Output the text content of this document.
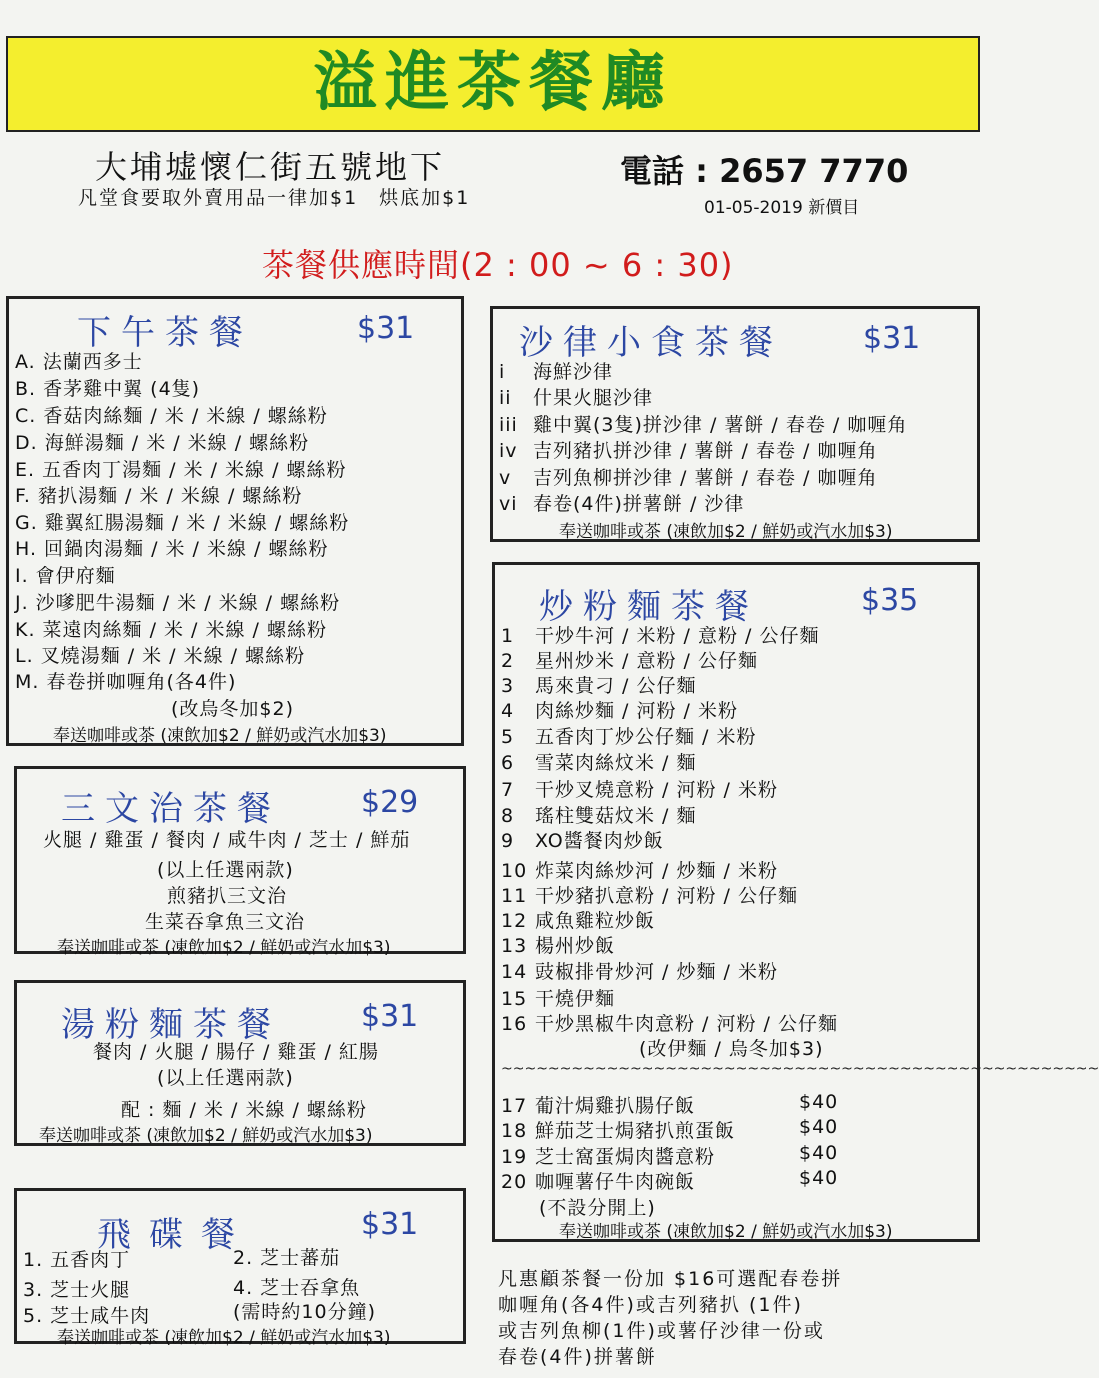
溢進茶餐廳
大埔墟懷仁街五號地下	電話 : 2657 7770
凡堂食要取外賣用品一律加$1　烘底加$1	01-05-2019 新價目
茶餐供應時間(2 : 00 ~ 6 : 30)
下午茶餐	$31
A. 法蘭西多士
B. 香茅雞中翼 (4隻)
C. 香菇肉絲麵 / 米 / 米線 / 螺絲粉
D. 海鮮湯麵 / 米 / 米線 / 螺絲粉
E. 五香肉丁湯麵 / 米 / 米線 / 螺絲粉
F. 豬扒湯麵 / 米 / 米線 / 螺絲粉
G. 雞翼紅腸湯麵 / 米 / 米線 / 螺絲粉
H. 回鍋肉湯麵 / 米 / 米線 / 螺絲粉
I. 會伊府麵
J. 沙嗲肥牛湯麵 / 米 / 米線 / 螺絲粉
K. 菜遠肉絲麵 / 米 / 米線 / 螺絲粉
L. 叉燒湯麵 / 米 / 米線 / 螺絲粉
M. 春卷拼咖喱角(各4件)
(改烏冬加$2)
奉送咖啡或茶 (凍飲加$2 / 鮮奶或汽水加$3)
三文治茶餐	$29
火腿 / 雞蛋 / 餐肉 / 咸牛肉 / 芝士 / 鮮茄
(以上任選兩款)
煎豬扒三文治
生菜吞拿魚三文治
奉送咖啡或茶 (凍飲加$2 / 鮮奶或汽水加$3)
湯粉麵茶餐	$31
餐肉 / 火腿 / 腸仔 / 雞蛋 / 紅腸
(以上任選兩款)
配 : 麵 / 米 / 米線 / 螺絲粉
奉送咖啡或茶 (凍飲加$2 / 鮮奶或汽水加$3)
飛碟餐	$31
1. 五香肉丁	2. 芝士蕃茄
3. 芝士火腿	4. 芝士吞拿魚
5. 芝士咸牛肉	(需時約10分鐘)
奉送咖啡或茶 (凍飲加$2 / 鮮奶或汽水加$3)
沙律小食茶餐	$31
i 海鮮沙律
ii 什果火腿沙律
iii 雞中翼(3隻)拼沙律 / 薯餅 / 春卷 / 咖喱角
iv 吉列豬扒拼沙律 / 薯餅 / 春卷 / 咖喱角
v 吉列魚柳拼沙律 / 薯餅 / 春卷 / 咖喱角
vi 春卷(4件)拼薯餅 / 沙律
奉送咖啡或茶 (凍飲加$2 / 鮮奶或汽水加$3)
炒粉麵茶餐	$35
1 干炒牛河 / 米粉 / 意粉 / 公仔麵
2 星州炒米 / 意粉 / 公仔麵
3 馬來貴刁 / 公仔麵
4 肉絲炒麵 / 河粉 / 米粉
5 五香肉丁炒公仔麵 / 米粉
6 雪菜肉絲炆米 / 麵
7 干炒叉燒意粉 / 河粉 / 米粉
8 瑤柱雙菇炆米 / 麵
9 XO醬餐肉炒飯
10 炸菜肉絲炒河 / 炒麵 / 米粉
11 干炒豬扒意粉 / 河粉 / 公仔麵
12 咸魚雞粒炒飯
13 楊州炒飯
14 豉椒排骨炒河 / 炒麵 / 米粉
15 干燒伊麵
16 干炒黑椒牛肉意粉 / 河粉 / 公仔麵
(改伊麵 / 烏冬加$3)
~~~~~~~~~~~~~~~~~~~~~~~~~~~~~~~~~~~~~~~~~~~~~~~~~~~
17 葡汁焗雞扒腸仔飯	$40
18 鮮茄芝士焗豬扒煎蛋飯	$40
19 芝士窩蛋焗肉醬意粉	$40
20 咖喱薯仔牛肉碗飯	$40
(不設分開上)
奉送咖啡或茶 (凍飲加$2 / 鮮奶或汽水加$3)
凡惠顧茶餐一份加 $16可選配春卷拼
咖喱角(各4件)或吉列豬扒 (1件)
或吉列魚柳(1件)或薯仔沙律一份或
春卷(4件)拼薯餅
